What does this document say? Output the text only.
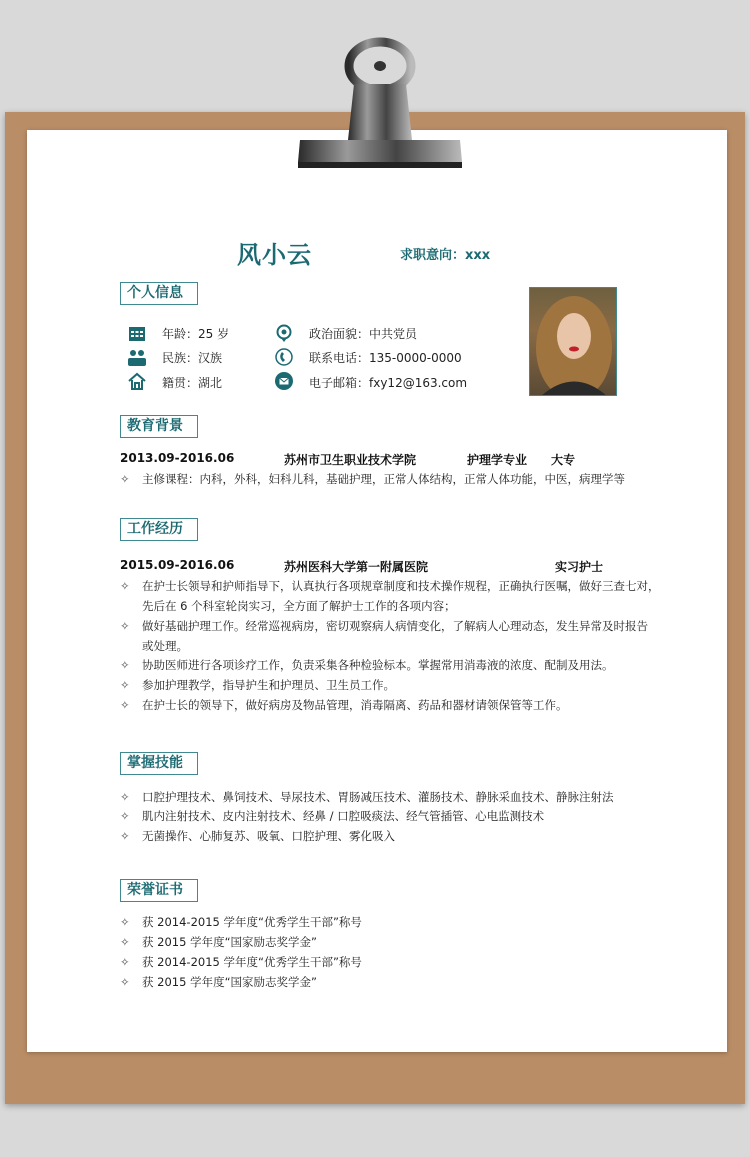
风小云	求职意向：xxx
个人信息
年龄：25 岁
民族：汉族
籍贯：湖北
政治面貌：中共党员
联系电话：135-0000-0000
电子邮箱：fxy12@163.com
教育背景
2013.09-2016.06	苏州市卫生职业技术学院	护理学专业 大专
✧ 主修课程：内科，外科，妇科儿科，基础护理，正常人体结构，正常人体功能，中医，病理学等
工作经历
2015.09-2016.06	苏州医科大学第一附属医院	实习护士
✧ 在护士长领导和护师指导下，认真执行各项规章制度和技术操作规程，正确执行医嘱，做好三查七对，
先后在 6 个科室轮岗实习，全方面了解护士工作的各项内容；
✧ 做好基础护理工作。经常巡视病房，密切观察病人病情变化，了解病人心理动态，发生异常及时报告
或处理。
✧ 协助医师进行各项诊疗工作，负责采集各种检验标本。掌握常用消毒液的浓度、配制及用法。
✧ 参加护理教学，指导护生和护理员、卫生员工作。
✧ 在护士长的领导下，做好病房及物品管理，消毒隔离、药品和器材请领保管等工作。
掌握技能
✧ 口腔护理技术、鼻饲技术、导尿技术、胃肠减压技术、灌肠技术、静脉采血技术、静脉注射法
✧ 肌内注射技术、皮内注射技术、经鼻 / 口腔吸痰法、经气管插管、心电监测技术
✧ 无菌操作、心肺复苏、吸氧、口腔护理、雾化吸入
荣誉证书
✧ 获 2014-2015 学年度“优秀学生干部”称号
✧ 获 2015 学年度“国家励志奖学金”
✧ 获 2014-2015 学年度“优秀学生干部”称号
✧ 获 2015 学年度“国家励志奖学金”
